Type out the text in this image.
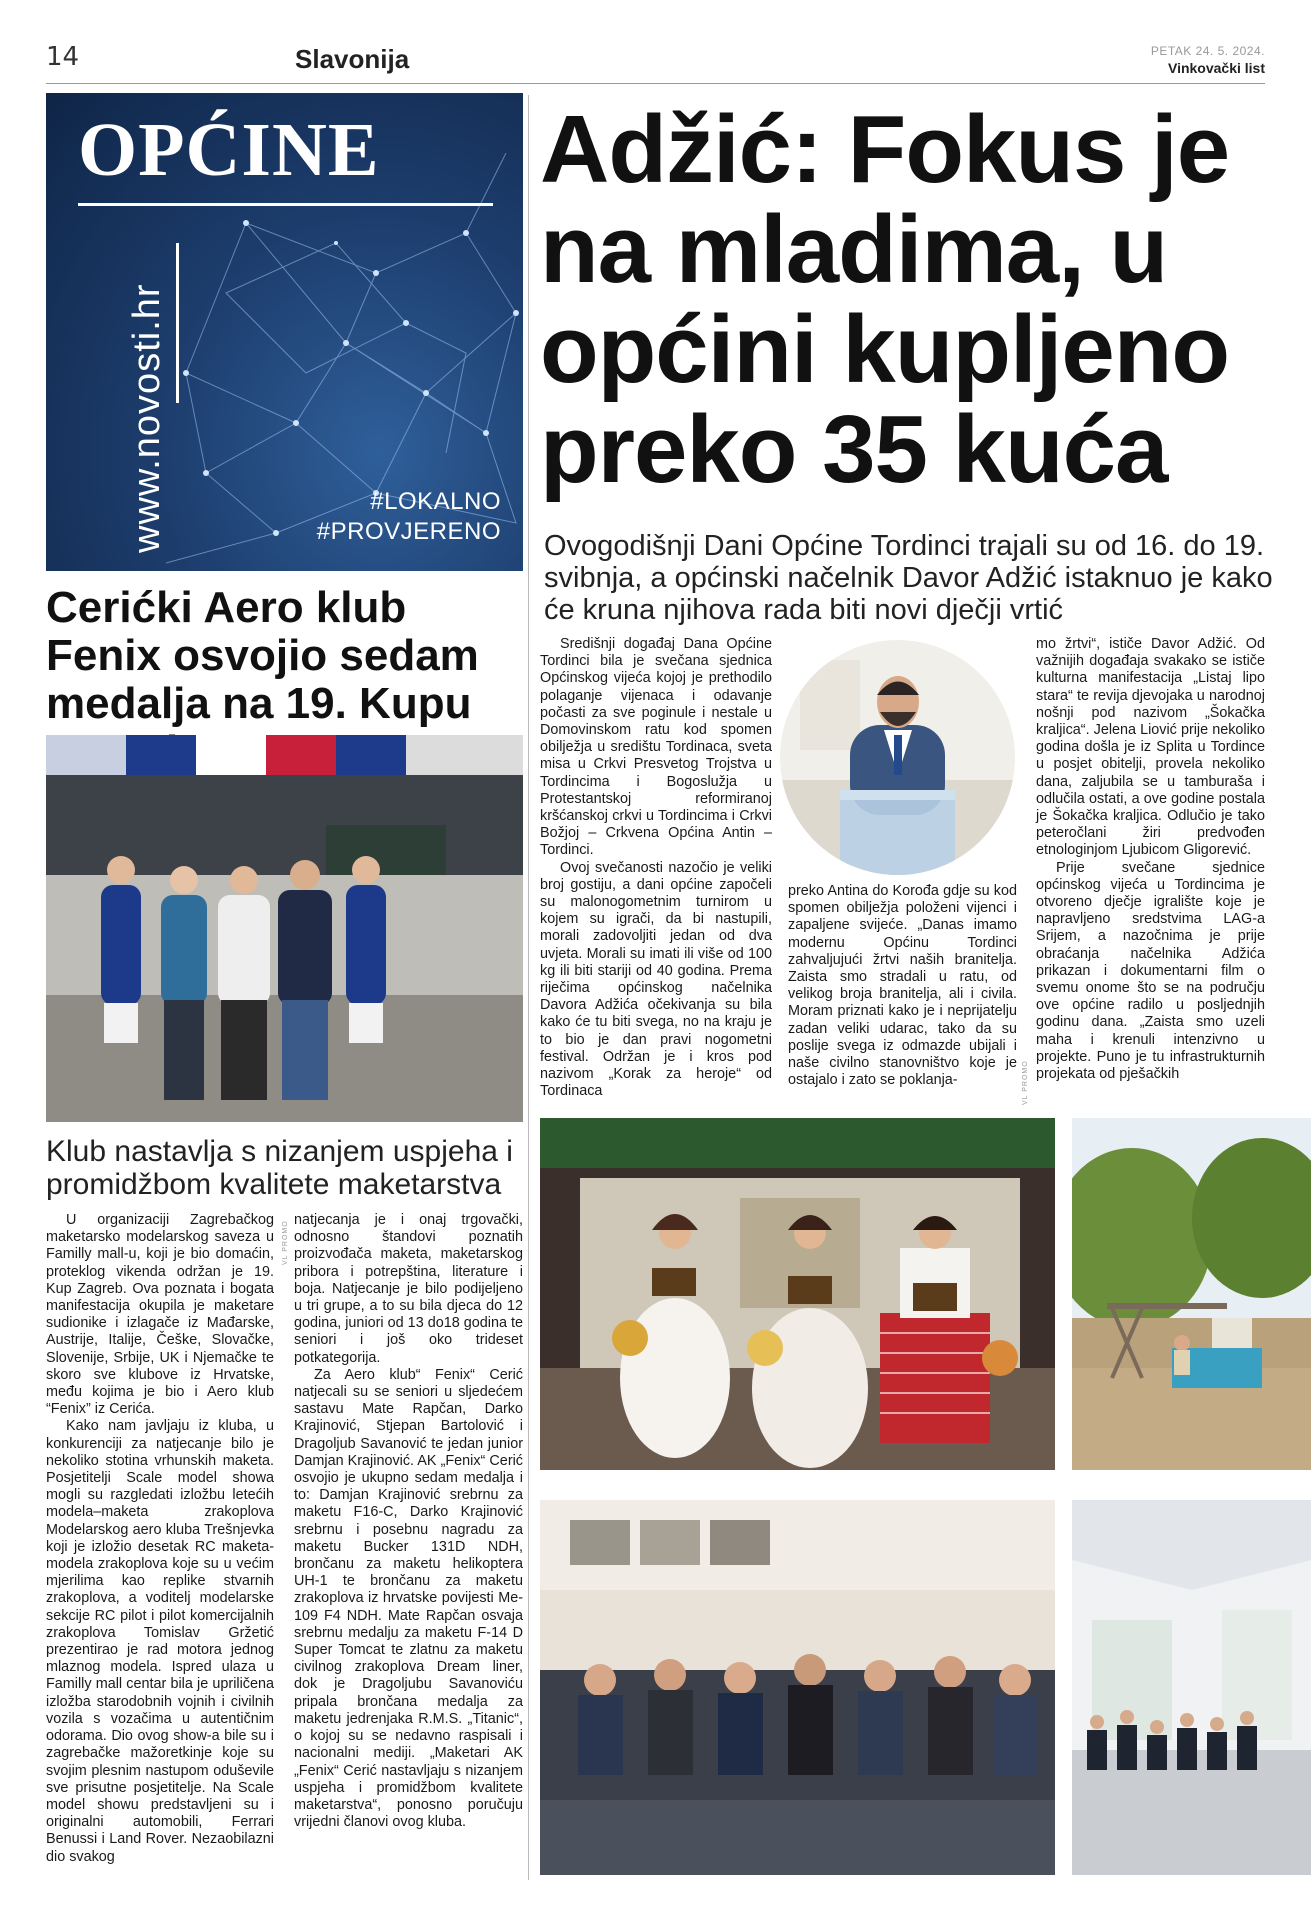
14	Slavonija	PETAK 24. 5. 2024.
Vinkovački list
OPĆINE
www.novosti.hr	#LOKALNO
#PROVJERENO
Cerićki Aero klub Fenix osvojio sedam medalja na 19. Kupu
Klub nastavlja s nizanjem uspjeha i promidžbom kvalitete maketarstva

U organizaciji Zagrebačkog maketarsko modelarskog saveza u Familly mall-u, koji je bio domaćin, proteklog vikenda održan je 19. Kup Zagreb. Ova poznata i bogata manifestacija okupila je maketare sudionike i izlagače iz Mađarske, Austrije, Italije, Češke, Slovačke, Slovenije, Srbije, UK i Njemačke te skoro sve klubove iz Hrvatske, među kojima je bio i Aero klub “Fenix” iz Cerića.

Kako nam javljaju iz kluba, u konkurenciji za natjecanje bilo je nekoliko stotina vrhunskih maketa. Posjetitelji Scale model showa mogli su razgledati izložbu letećih modela–maketa zrakoplova Modelarskog aero kluba Trešnjevka koji je izložio desetak RC maketa-modela zrakoplova koje su u većim mjerilima kao replike stvarnih zrakoplova, a voditelj modelarske sekcije RC pilot i pilot komercijalnih zrakoplova Tomislav Gržetić prezentirao je rad motora jednog mlaznog modela. Ispred ulaza u Familly mall centar bila je upriličena izložba starodobnih vojnih i civilnih vozila s vozačima u autentičnim odorama. Dio ovog show-a bile su i zagrebačke mažoretkinje koje su svojim plesnim nastupom oduševile sve prisutne posjetitelje. Na Scale model showu predstavljeni su i originalni automobili, Ferrari Benussi i Land Rover. Nezaobilazni dio svakog

VL PROMO

natjecanja je i onaj trgovački, odnosno štandovi poznatih proizvođača maketa, maketarskog pribora i potrepština, literature i boja. Natjecanje je bilo podijeljeno u tri grupe, a to su bila djeca do 12 godina, juniori od 13 do18 godina te seniori i još oko trideset potkategorija.

Za Aero klub“ Fenix“ Cerić natjecali su se seniori u sljedećem sastavu Mate Rapčan, Darko Krajinović, Stjepan Bartolović i Dragoljub Savanović te jedan junior Damjan Krajinović. AK „Fenix“ Cerić osvojio je ukupno sedam medalja i to: Damjan Krajinović srebrnu za maketu F16-C, Darko Krajinović srebrnu i posebnu nagradu za maketu Bucker 131D NDH, brončanu za maketu helikoptera UH-1 te brončanu za maketu zrakoplova iz hrvatske povijesti Me-109 F4 NDH. Mate Rapčan osvaja srebrnu medalju za maketu F-14 D Super Tomcat te zlatnu za maketu civilnog zrakoplova Dream liner, dok je Dragoljubu Savanoviću pripala brončana medalja za maketu jedrenjaka R.M.S. „Titanic“, o kojoj su se nedavno raspisali i nacionalni mediji. „Maketari AK „Fenix“ Cerić nastavljaju s nizanjem uspjeha i promidžbom kvalitete maketarstva“, ponosno poručuju vrijedni članovi ovog kluba.

Adžić: Fokus je na mladima, u općini kupljeno preko 35 kuća

Ovogodišnji Dani Općine Tordinci trajali su od 16. do 19. svibnja, a općinski načelnik Davor Adžić istaknuo je kako će kruna njihova rada biti novi dječji vrtić

Središnji događaj Dana Općine Tordinci bila je svečana sjednica Općinskog vijeća kojoj je prethodilo polaganje vijenaca i odavanje počasti za sve poginule i nestale u Domovinskom ratu kod spomen obilježja u središtu Tordinaca, sveta misa u Crkvi Presvetog Trojstva u Tordincima i Bogoslužja u Protestantskoj reformiranoj kršćanskoj crkvi u Tordincima i Crkvi Božjoj – Crkvena Općina Antin – Tordinci.

Ovoj svečanosti nazočio je veliki broj gostiju, a dani općine započeli su malonogometnim turnirom u kojem su igrači, da bi nastupili, morali zadovoljiti jedan od dva uvjeta. Morali su imati ili više od 100 kg ili biti stariji od 40 godina. Prema riječima općinskog načelnika Davora Adžića očekivanja su bila kako će tu biti svega, no na kraju je to bio je dan pravi nogometni festival. Održan je i kros pod nazivom „Korak za heroje“ od Tordinaca

preko Antina do Korođa gdje su kod spomen obilježja položeni vijenci i zapaljene svijeće. „Danas imamo modernu Općinu Tordinci zahvaljujući žrtvi naših branitelja. Zaista smo stradali u ratu, od velikog broja branitelja, ali i civila. Moram priznati kako je i neprijatelju zadan veliki udarac, tako da su poslije svega iz odmazde ubijali i naše civilno stanovništvo koje je ostajalo i zato se poklanja-	VL PROMO

mo žrtvi“, ističe Davor Adžić. Od važnijih događaja svakako se ističe kulturna manifestacija „Listaj lipo stara“ te revija djevojaka u narodnoj nošnji pod nazivom „Šokačka kraljica“. Jelena Liović prije nekoliko godina došla je iz Splita u Tordince u posjet obitelji, provela nekoliko dana, zaljubila se u tamburaša i odlučila ostati, a ove godine postala je Šokačka kraljica. Odlučio je tako peteročlani žiri predvođen etnologinjom Ljubicom Gligorević.

Prije svečane sjednice općinskog vijeća u Tordincima je otvoreno dječje igralište koje je napravljeno sredstvima LAG-a Srijem, a nazočnima je prije obraćanja načelnika Adžića prikazan i dokumentarni film o svemu onome što se na području ove općine radilo u posljednjih godinu dana. „Zaista smo uzeli maha i krenuli intenzivno u projekte. Puno je tu infrastrukturnih projekata od pješačkih
